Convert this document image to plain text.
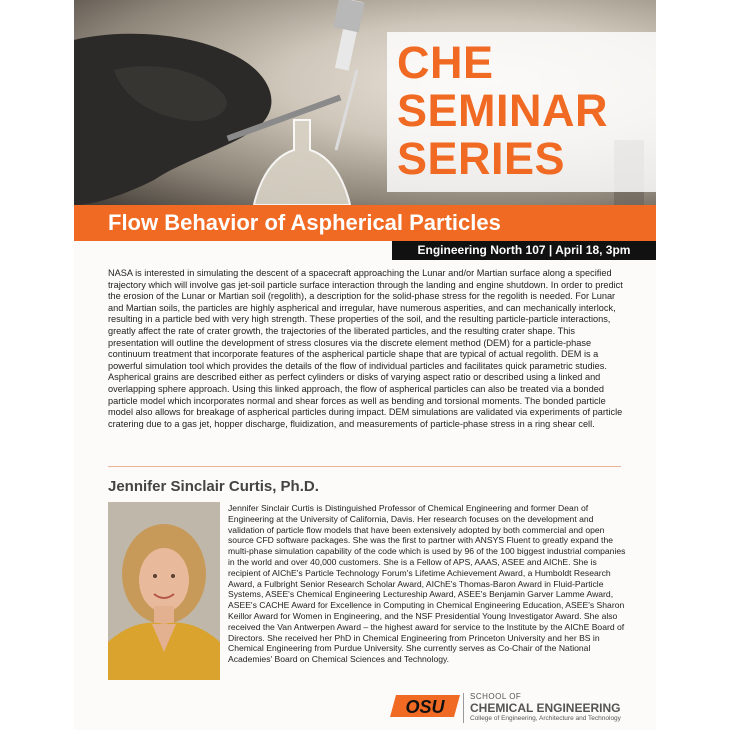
CHE
SEMINAR
SERIES
Flow Behavior of Aspherical Particles
Engineering North 107 | April 18, 3pm
NASA is interested in simulating the descent of a spacecraft approaching the Lunar and/or Martian surface along a specified trajectory which will involve gas jet-soil particle surface interaction through the landing and engine shutdown. In order to predict the erosion of the Lunar or Martian soil (regolith), a description for the solid-phase stress for the regolith is needed. For Lunar and Martian soils, the particles are highly aspherical and irregular, have numerous asperities, and can mechanically interlock, resulting in a particle bed with very high strength. These properties of the soil, and the resulting particle-particle interactions, greatly affect the rate of crater growth, the trajectories of the liberated particles, and the resulting crater shape. This presentation will outline the development of stress closures via the discrete element method (DEM) for a particle-phase continuum treatment that incorporate features of the aspherical particle shape that are typical of actual regolith. DEM is a powerful simulation tool which provides the details of the flow of individual particles and facilitates quick parametric studies. Aspherical grains are described either as perfect cylinders or disks of varying aspect ratio or described using a linked and overlapping sphere approach. Using this linked approach, the flow of aspherical particles can also be treated via a bonded particle model which incorporates normal and shear forces as well as bending and torsional moments. The bonded particle model also allows for breakage of aspherical particles during impact. DEM simulations are validated via experiments of particle cratering due to a gas jet, hopper discharge, fluidization, and measurements of particle-phase stress in a ring shear cell.
Jennifer Sinclair Curtis, Ph.D.
Jennifer Sinclair Curtis is Distinguished Professor of Chemical Engineering and former Dean of Engineering at the University of California, Davis. Her research focuses on the development and validation of particle flow models that have been extensively adopted by both commercial and open source CFD software packages. She was the first to partner with ANSYS Fluent to greatly expand the multi-phase simulation capability of the code which is used by 96 of the 100 biggest industrial companies in the world and over 40,000 customers. She is a Fellow of APS, AAAS, ASEE and AIChE. She is recipient of AIChE's Particle Technology Forum's Lifetime Achievement Award, a Humboldt Research Award, a Fulbright Senior Research Scholar Award, AIChE's Thomas-Baron Award in Fluid-Particle Systems, ASEE's Chemical Engineering Lectureship Award, ASEE's Benjamin Garver Lamme Award, ASEE's CACHE Award for Excellence in Computing in Chemical Engineering Education, ASEE's Sharon Keillor Award for Women in Engineering, and the NSF Presidential Young Investigator Award. She also received the Van Antwerpen Award – the highest award for service to the Institute by the AIChE Board of Directors. She received her PhD in Chemical Engineering from Princeton University and her BS in Chemical Engineering from Purdue University. She currently serves as Co-Chair of the National Academies' Board on Chemical Sciences and Technology.
OSU
SCHOOL OF
CHEMICAL ENGINEERING
College of Engineering, Architecture and Technology
